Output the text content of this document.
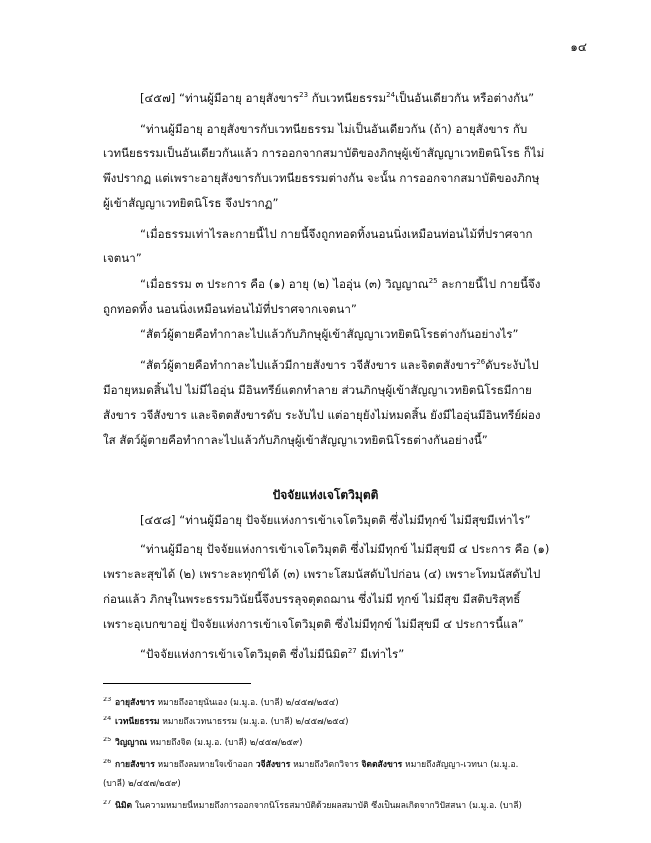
๑๔
[๔๕๗] “ท่านผู้มีอายุ อายุสังขาร$^{23}$ กับเวทนียธรรม$^{24}$เป็นอันเดียวกัน หรือต่างกัน”
“ท่านผู้มีอายุ อายุสังขารกับเวทนียธรรม ไม่เป็นอันเดียวกัน (ถ้า) อายุสังขาร กับ
เวทนียธรรมเป็นอันเดียวกันแล้ว การออกจากสมาบัติของภิกษุผู้เข้าสัญญาเวทยิตนิโรธ ก็ไม่
พึงปรากฏ แต่เพราะอายุสังขารกับเวทนียธรรมต่างกัน จะนั้น การออกจากสมาบัติของภิกษุ
ผู้เข้าสัญญาเวทยิตนิโรธ จึงปรากฏ”
“เมื่อธรรมเท่าไรละกายนี้ไป กายนี้จึงถูกทอดทิ้งนอนนิ่งเหมือนท่อนไม้ที่ปราศจาก
เจตนา”
“เมื่อธรรม ๓ ประการ คือ (๑) อายุ (๒) ไออุ่น (๓) วิญญาณ$^{25}$ ละกายนี้ไป กายนี้จึง
ถูกทอดทิ้ง นอนนิ่งเหมือนท่อนไม้ที่ปราศจากเจตนา”
“สัตว์ผู้ตายคือทำกาละไปแล้วกับภิกษุผู้เข้าสัญญาเวทยิตนิโรธต่างกันอย่างไร”
“สัตว์ผู้ตายคือทำกาละไปแล้วมีกายสังขาร วจีสังขาร และจิตตสังขาร$^{26}$ดับระงับไป
มีอายุหมดสิ้นไป ไม่มีไออุ่น มีอินทรีย์แตกทำลาย ส่วนภิกษุผู้เข้าสัญญาเวทยิตนิโรธมีกาย
สังขาร วจีสังขาร และจิตตสังขารดับ ระงับไป แต่อายุยังไม่หมดสิ้น ยังมีไออุ่นมีอินทรีย์ผ่อง
ใส สัตว์ผู้ตายคือทำกาละไปแล้วกับภิกษุผู้เข้าสัญญาเวทยิตนิโรธต่างกันอย่างนี้”
ปัจจัยแห่งเจโตวิมุตติ
[๔๕๘] “ท่านผู้มีอายุ ปัจจัยแห่งการเข้าเจโตวิมุตติ ซึ่งไม่มีทุกข์ ไม่มีสุขมีเท่าไร”
“ท่านผู้มีอายุ ปัจจัยแห่งการเข้าเจโตวิมุตติ ซึ่งไม่มีทุกข์ ไม่มีสุขมี ๔ ประการ คือ (๑)
เพราะละสุขได้ (๒) เพราะละทุกข์ได้ (๓) เพราะโสมนัสดับไปก่อน (๔) เพราะโทมนัสดับไป
ก่อนแล้ว ภิกษุในพระธรรมวินัยนี้จึงบรรลุจตุตถฌาน ซึ่งไม่มี ทุกข์ ไม่มีสุข มีสติบริสุทธิ์
เพราะอุเบกขาอยู่ ปัจจัยแห่งการเข้าเจโตวิมุตติ ซึ่งไม่มีทุกข์ ไม่มีสุขมี ๔ ประการนี้แล”
“ปัจจัยแห่งการเข้าเจโตวิมุตติ ซึ่งไม่มีนิมิต$^{27}$ มีเท่าไร”
23 อายุสังขาร หมายถึงอายุนั่นเอง (ม.มู.อ. (บาลี) ๒/๔๕๗/๒๕๔)
24 เวทนียธรรม หมายถึงเวทนาธรรม (ม.มู.อ. (บาลี) ๒/๔๕๗/๒๕๔)
25 วิญญาณ หมายถึงจิต (ม.มู.อ. (บาลี) ๒/๔๕๗/๒๕๙)
26 กายสังขาร หมายถึงลมหายใจเข้าออก วจีสังขาร หมายถึงวิตกวิจาร จิตตสังขาร หมายถึงสัญญา-เวทนา (ม.มู.อ.
(บาลี) ๒/๔๕๗/๒๕๙)
27 นิมิต ในความหมายนี้หมายถึงการออกจากนิโรธสมาบัติด้วยผลสมาบัติ ซึ่งเป็นผลเกิดจากวิปัสสนา (ม.มู.อ. (บาลี)
